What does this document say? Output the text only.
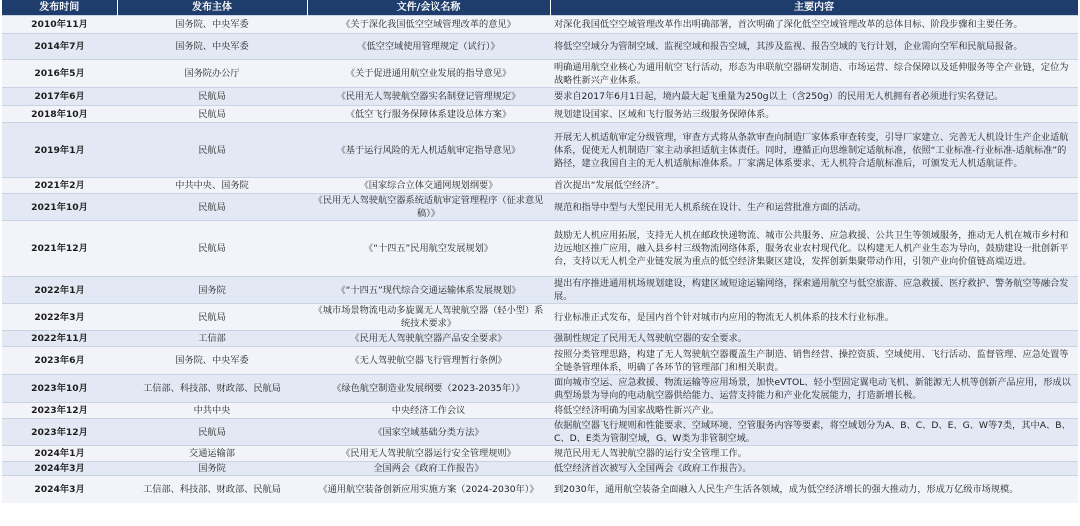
发布时间	发布主体	文件/会议名称	主要内容
2010年11月	国务院、中央军委	《关于深化我国低空空域管理改革的意见》	对深化我国低空空域管理改革作出明确部署，首次明确了深化低空空域管理改革的总体目标、阶段步骤和主要任务。
2014年7月	国务院、中央军委	《低空空域使用管理规定（试行）》	将低空空域分为管制空域、监视空域和报告空域，其涉及监视、报告空域的飞行计划，企业需向空军和民航局报备。
2016年5月	国务院办公厅	《关于促进通用航空业发展的指导意见》	明确通用航空业核心为通用航空飞行活动，形态为串联航空器研发制造、市场运营、综合保障以及延伸服务等全产业链，定位为战略性新兴产业体系。
2017年6月	民航局	《民用无人驾驶航空器实名制登记管理规定》	要求自2017年6月1日起，境内最大起飞重量为250g以上（含250g）的民用无人机拥有者必须进行实名登记。
2018年10月	民航局	《低空飞行服务保障体系建设总体方案》	规划建设国家、区域和飞行服务站三级服务保障体系。
2019年1月	民航局	《基于运行风险的无人机适航审定指导意见》	开展无人机适航审定分级管理，审查方式将从条款审查向制造厂家体系审查转变，引导厂家建立、完善无人机设计生产企业适航体系，促使无人机制造厂家主动承担适航主体责任。同时，遵循正向思维制定适航标准，依照“工业标准-行业标准-适航标准”的路径，建立我国自主的无人机适航标准体系。厂家满足体系要求、无人机符合适航标准后，可颁发无人机适航证件。
2021年2月	中共中央、国务院	《国家综合立体交通网规划纲要》	首次提出“发展低空经济”。
2021年10月	民航局	《民用无人驾驶航空器系统适航审定管理程序（征求意见稿）》	规范和指导中型与大型民用无人机系统在设计、生产和运营批准方面的活动。
2021年12月	民航局	《“十四五”民用航空发展规划》	鼓励无人机应用拓展，支持无人机在邮政快递物流、城市公共服务、应急救援、公共卫生等领域服务，推动无人机在城市乡村和边远地区推广应用，融入县乡村三级物流网络体系，服务农业农村现代化。以构建无人机产业生态为导向，鼓励建设一批创新平台，支持以无人机全产业链发展为重点的低空经济集聚区建设，发挥创新集聚带动作用，引领产业向价值链高端迈进。
2022年1月	国务院	《“十四五”现代综合交通运输体系发展规划》	提出有序推进通用机场规划建设，构建区域短途运输网络，探索通用航空与低空旅游、应急救援、医疗救护、警务航空等融合发展。
2022年3月	民航局	《城市场景物流电动多旋翼无人驾驶航空器（轻小型）系统技术要求》	行业标准正式发布，是国内首个针对城市内应用的物流无人机体系的技术行业标准。
2022年11月	工信部	《民用无人驾驶航空器产品安全要求》	强制性规定了民用无人驾驶航空器的安全要求。
2023年6月	国务院、中央军委	《无人驾驶航空器飞行管理暂行条例》	按照分类管理思路，构建了无人驾驶航空器覆盖生产制造、销售经营、操控资质、空域使用、飞行活动、监督管理、应急处置等全链条管理体系，明确了各环节的管理部门和相关职责。
2023年10月	工信部、科技部、财政部、民航局	《绿色航空制造业发展纲要（2023-2035年）》	面向城市空运、应急救援、物流运输等应用场景，加快eVTOL、轻小型固定翼电动飞机、新能源无人机等创新产品应用，形成以典型场景为导向的电动航空器供给能力、运营支持能力和产业化发展能力，打造新增长极。
2023年12月	中共中央	中央经济工作会议	将低空经济明确为国家战略性新兴产业。
2023年12月	民航局	《国家空域基础分类方法》	依据航空器飞行规则和性能要求、空域环境、空管服务内容等要素，将空域划分为A、B、C、D、E、G、W等7类，其中A、B、C、D、E类为管制空域，G、W类为非管制空域。
2024年1月	交通运输部	《民用无人驾驶航空器运行安全管理规则》	规范民用无人驾驶航空器的运行安全管理工作。
2024年3月	国务院	全国两会《政府工作报告》	低空经济首次被写入全国两会《政府工作报告》。
2024年3月	工信部、科技部、财政部、民航局	《通用航空装备创新应用实施方案（2024-2030年）》	到2030年，通用航空装备全面融入人民生产生活各领域，成为低空经济增长的强大推动力，形成万亿级市场规模。
